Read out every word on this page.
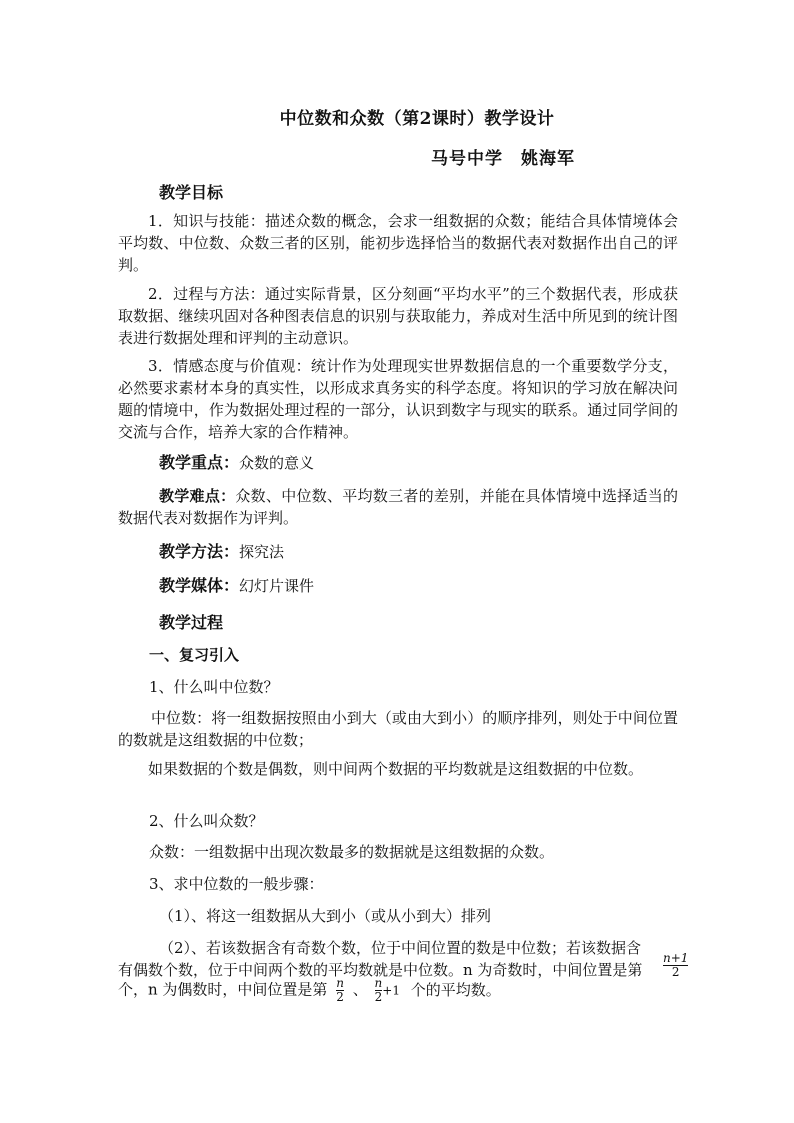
中位数和众数（第2课时）教学设计
马号中学 姚海军
教学目标
1．知识与技能：描述众数的概念，会求一组数据的众数；能结合具体情境体会平均数、中位数、众数三者的区别，能初步选择恰当的数据代表对数据作出自己的评判。
2．过程与方法：通过实际背景，区分刻画“平均水平”的三个数据代表，形成获取数据、继续巩固对各种图表信息的识别与获取能力，养成对生活中所见到的统计图表进行数据处理和评判的主动意识。
3．情感态度与价值观：统计作为处理现实世界数据信息的一个重要数学分支，必然要求素材本身的真实性，以形成求真务实的科学态度。将知识的学习放在解决问题的情境中，作为数据处理过程的一部分，认识到数字与现实的联系。通过同学间的交流与合作，培养大家的合作精神。
教学重点：众数的意义
教学难点：众数、中位数、平均数三者的差别，并能在具体情境中选择适当的数据代表对数据作为评判。
教学方法：探究法
教学媒体：幻灯片课件
教学过程
一、复习引入
1、什么叫中位数？
中位数：将一组数据按照由小到大（或由大到小）的顺序排列，则处于中间位置的数就是这组数据的中位数；
如果数据的个数是偶数，则中间两个数据的平均数就是这组数据的中位数。
2、什么叫众数？
众数：一组数据中出现次数最多的数据就是这组数据的众数。
3、求中位数的一般步骤：
（1）、将这一组数据从大到小（或从小到大）排列
（2）、若该数据含有奇数个数，位于中间位置的数是中位数；若该数据含
有偶数个数，位于中间两个数的平均数就是中位数。n 为奇数时，中间位置是第 $\frac{n+1}{2}$
个，n 为偶数时，中间位置是第 $\frac{n}{2}$ 、 $\frac{n}{2} +1$ 个的平均数。
